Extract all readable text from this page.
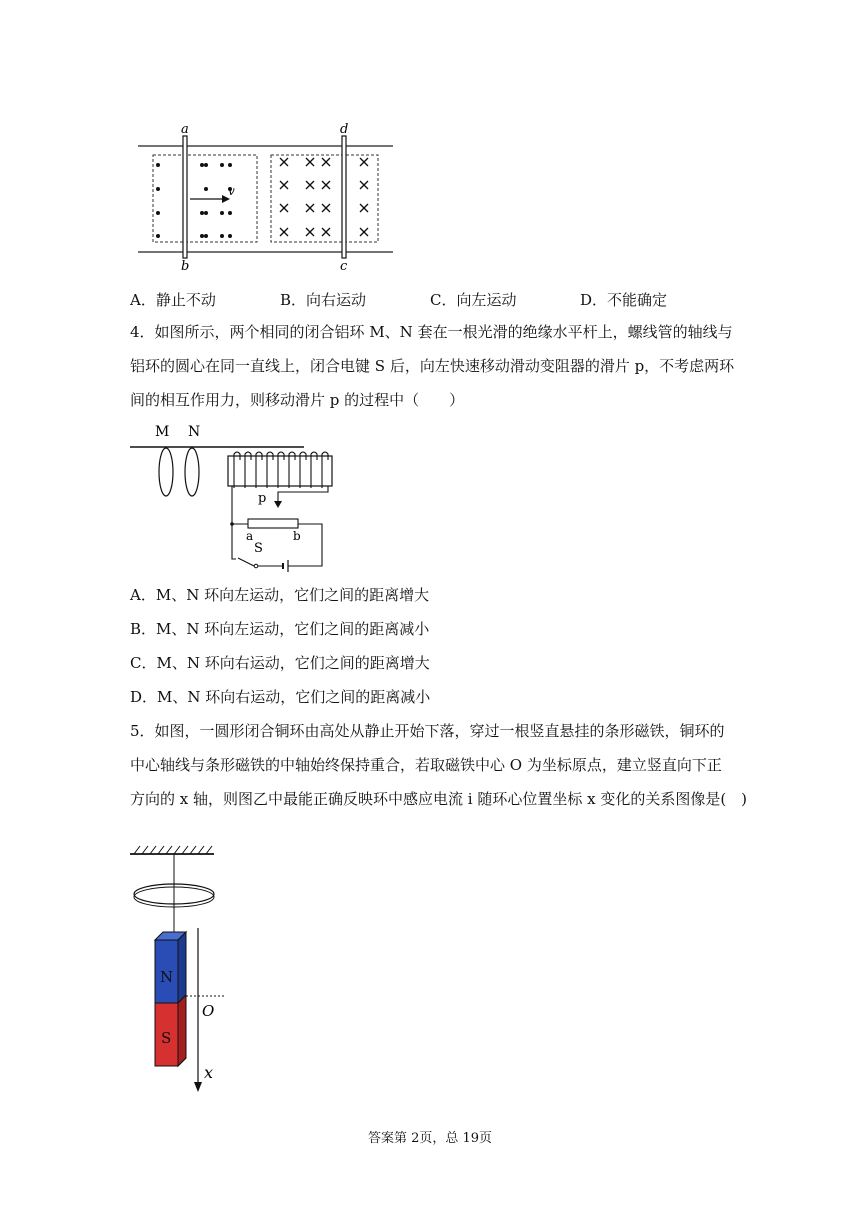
v
a
b
d
c
A．静止不动	B．向右运动	C．向左运动	D．不能确定
4．如图所示，两个相同的闭合铝环 M、N 套在一根光滑的绝缘水平杆上，螺线管的轴线与
铝环的圆心在同一直线上，闭合电键 S 后，向左快速移动滑动变阻器的滑片 p，不考虑两环
间的相互作用力，则移动滑片 p 的过程中（　　）
M N
p
a	b
S
A．M、N 环向左运动，它们之间的距离增大
B．M、N 环向左运动，它们之间的距离减小
C．M、N 环向右运动，它们之间的距离增大
D．M、N 环向右运动，它们之间的距离减小
5．如图，一圆形闭合铜环由高处从静止开始下落，穿过一根竖直悬挂的条形磁铁，铜环的
中心轴线与条形磁铁的中轴始终保持重合，若取磁铁中心 O 为坐标原点，建立竖直向下正
方向的 x 轴，则图乙中最能正确反映环中感应电流 i 随环心位置坐标 x 变化的关系图像是(　)
N
S
O
x
答案第 2页，总 19页
